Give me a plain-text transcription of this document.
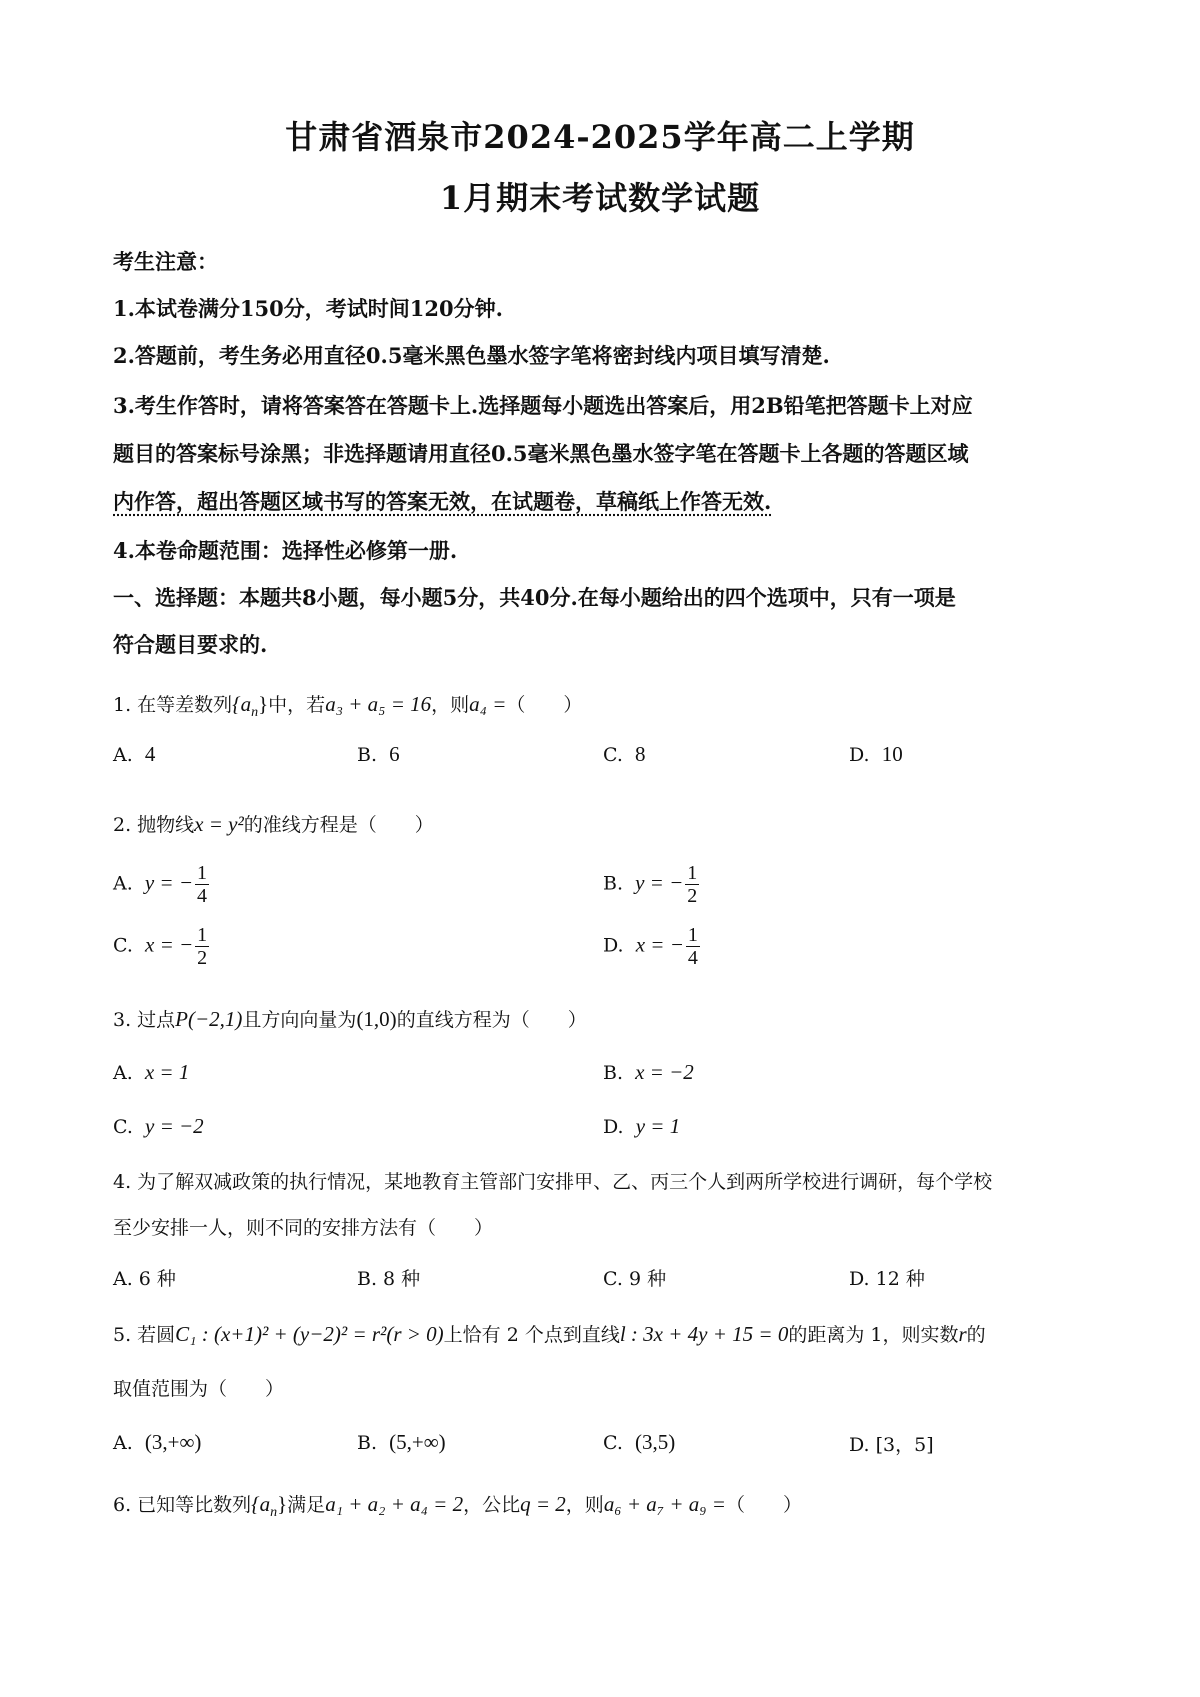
甘肃省酒泉市2024-2025学年高二上学期
1月期末考试数学试题
考生注意：
1.本试卷满分150分，考试时间120分钟.
2.答题前，考生务必用直径0.5毫米黑色墨水签字笔将密封线内项目填写清楚.
3.考生作答时，请将答案答在答题卡上.选择题每小题选出答案后，用2B铅笔把答题卡上对应
题目的答案标号涂黑；非选择题请用直径0.5毫米黑色墨水签字笔在答题卡上各题的答题区域
内作答，超出答题区域书写的答案无效，在试题卷，草稿纸上作答无效.
4.本卷命题范围：选择性必修第一册.
一、选择题：本题共8小题，每小题5分，共40分.在每小题给出的四个选项中，只有一项是
符合题目要求的.
1. 在等差数列$\{a_n\}$中，若a₃ + a₅ = 16，则a₄ =（　　）
A. 4	B. 6	C. 8	D. 10
2. 抛物线x = y²的准线方程是（　　）
A. y = − $\frac{1}{4}$	B. y = − $\frac{1}{2}$
C. x = − $\frac{1}{2}$	D. x = − $\frac{1}{4}$
3. 过点P(−2,1)且方向向量为(1,0)的直线方程为（　　）
A. x = 1	B. x = −2
C. y = −2	D. y = 1
4. 为了解双减政策的执行情况，某地教育主管部门安排甲、乙、丙三个人到两所学校进行调研，每个学校
至少安排一人，则不同的安排方法有（　　）
A. 6 种	B. 8 种	C. 9 种	D. 12 种
5. 若圆C₁ : (x+1)² + (y−2)² = r²(r > 0)上恰有 2 个点到直线l : 3x + 4y + 15 = 0的距离为 1，则实数r的
取值范围为（　　）
A. (3,+∞)	B. (5,+∞)	C. (3,5)	D. [3，5]
6. 已知等比数列$\{a_n\}$满足a₁ + a₂ + a₄ = 2，公比q = 2，则a₆ + a₇ + a₉ =（　　）
